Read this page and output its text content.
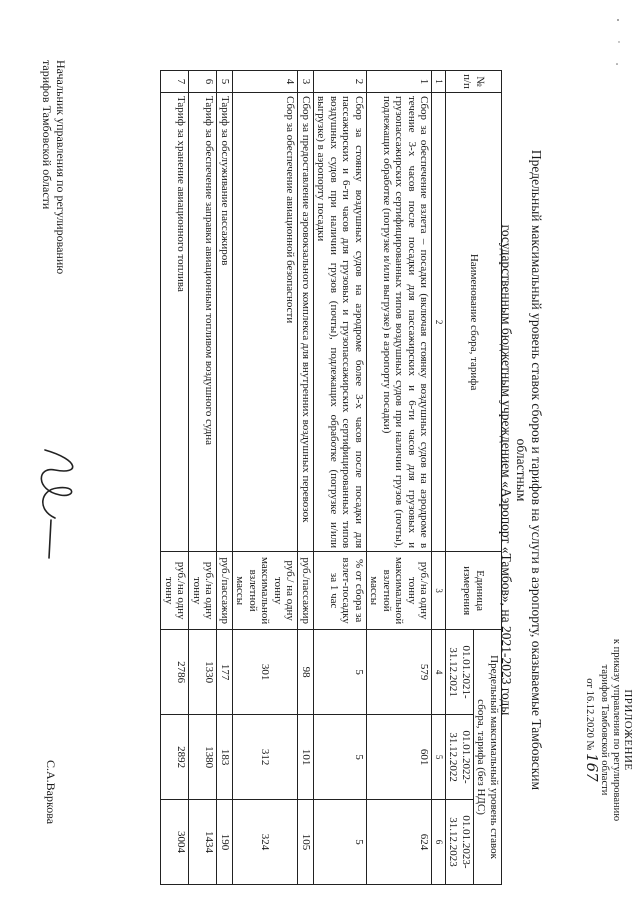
ПРИЛОЖЕНИЕ
к приказу управления по регулированию
тарифов Тамбовской области
от 16.12.2020 № 167
Предельный максимальный уровень ставок сборов и тарифов на услуги в аэропорту, оказываемые Тамбовским областным
государственным бюджетным учреждением «Аэропорт «Тамбов», на 2021-2023 годы
№
п/п	Наименование сбора, тарифа	Единица
измерения	Предельный максимальный уровень ставок
сбора, тарифа (без НДС)		
			01.01.2021-
31.12.2021	01.01.2022-
31.12.2022	01.01.2023-
31.12.2023
1	2	3	4	5	6
1	Сбор за обеспечение взлета – посадки (включая стоянку воздушных судов на аэродроме в течение 3-х часов после посадки для пассажирских и 6-ти часов для грузовых и грузопассажирских сертифицированных типов воздушных судов при наличии грузов (почты), подлежащих обработке (погрузке и/или выгрузке) в аэропорту посадки)	руб./на одну тонну максимальной взлетной массы	579	601	624
2	Сбор за стоянку воздушных судов на аэродроме более 3-х часов после посадки для пассажирских и 6-ти часов для грузовых и грузопассажирских сертифицированных типов воздушных судов при наличии грузов (почты), подлежащих обработке (погрузке и/или выгрузке) в аэропорту посадки	% от сбора за взлет-посадку за 1 час	5	5	5
3	Сбор за предоставление аэровокзального комплекса для внутренних воздушных перевозок	руб./пассажир	98	101	105
4	Сбор за обеспечение авиационной безопасности	руб./ на одну тонну максимальной взлетной массы	301	312	324
5	Тариф за обслуживание пассажиров	руб./пассажир	177	183	190
6	Тариф за обеспечение заправки авиационным топливом воздушного судна	руб./на одну тонну	1330	1380	1434
7	Тариф за хранение авиационного топлива	руб./на одну тонну	2786	2892	3004
Начальник управления по регулированию
тарифов Тамбовской области
С.А.Варкова
